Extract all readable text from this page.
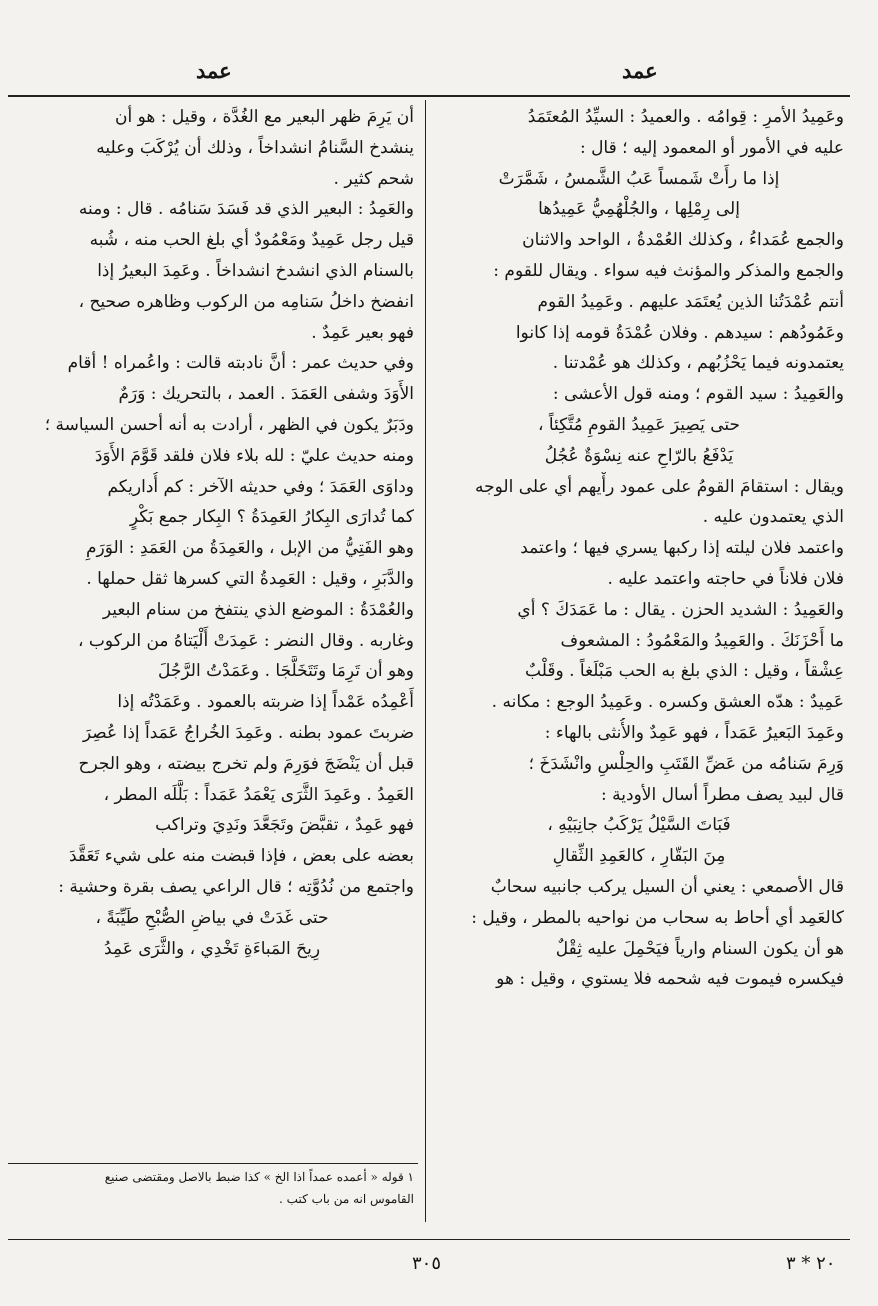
عمد	عمد
وعَمِيدُ الأمرِ : قِوامُه . والعميدُ : السيِّدُ المُعتَمَدُ
عليه في الأمور أو المعمود إليه ؛ قال :
إذا ما رأَتْ شَمساً عَبُ الشَّمسُ ، شَمَّرَتْ
إلى رِمْلِها ، والجُلْهُمِيُّ عَمِيدُها
والجمع عُمَداءُ ، وكذلك العُمْدةُ ، الواحد والاثنان
والجمع والمذكر والمؤنث فيه سواء . ويقال للقوم :
أنتم عُمْدَتُنا الذين يُعتَمَد عليهم . وعَمِيدُ القوم
وعَمُودُهم : سيدهم . وفلان عُمْدَةُ قومه إذا كانوا
يعتمدونه فيما يَحْزُبُهم ، وكذلك هو عُمْدتنا .
والعَمِيدُ : سيد القوم ؛ ومنه قول الأعشى :
حتى يَصِيرَ عَمِيدُ القومِ مُتَّكِئاً ،
يَدْفَعُ بالرّاحِ عنه نِسْوَةٌ عُجُلُ
ويقال : استقامَ القومُ على عمود رأْيهم أي على الوجه
الذي يعتمدون عليه .
واعتمد فلان ليلته إذا ركبها يسري فيها ؛ واعتمد
فلان فلاناً في حاجته واعتمد عليه .
والعَمِيدُ : الشديد الحزن . يقال : ما عَمَدَكَ ؟ أي
ما أَحْزَنَكَ . والعَمِيدُ والمَعْمُودُ : المشعوف
عِشْقاً ، وقيل : الذي بلغ به الحب مَبْلَغاً . وقَلْبٌ
عَمِيدٌ : هدّه العشق وكسره . وعَمِيدُ الوجع : مكانه .
وعَمِدَ البَعيرُ عَمَداً ، فهو عَمِدٌ والأُنثى بالهاء :
وَرِمَ سَنامُه من عَضِّ القَتَبِ والحِلْسِ وانْشَدَخَ ؛
قال لبيد يصف مطراً أسال الأودية :
فَبَاتَ السَّيْلُ يَرْكَبُ جانِبَيْهِ ،
مِنَ البَقّارِ ، كالعَمِدِ الثِّقالِ
قال الأصمعي : يعني أن السيل يركب جانبيه سحابٌ
كالعَمِد أي أحاط به سحاب من نواحيه بالمطر ، وقيل :
هو أن يكون السنام وارياً فيَحْمِلَ عليه ثِقْلٌ
فيكسره فيموت فيه شحمه فلا يستوي ، وقيل : هو
أن يَرِمَ ظهر البعير مع الغُدَّة ، وقيل : هو أن
ينشدخ السَّنامُ انشداخاً ، وذلك أن يُرْكَبَ وعليه
شحم كثير .
والعَمِدُ : البعير الذي قد فَسَدَ سَنامُه . قال : ومنه
قيل رجل عَمِيدٌ ومَعْمُودٌ أي بلغ الحب منه ، شُبه
بالسنام الذي انشدخ انشداخاً . وعَمِدَ البعيرُ إذا
انفضخ داخلُ سَنامِه من الركوب وظاهره صحيح ،
فهو بعير عَمِدٌ .
وفي حديث عمر : أنَّ نادبته قالت : واعُمراه ! أقام
الأَوَدَ وشفى العَمَدَ . العمد ، بالتحريك : وَرَمٌ
ودَبَرٌ يكون في الظهر ، أرادت به أنه أحسن السياسة ؛
ومنه حديث عليّ : لله بلاء فلان فلقد قَوَّمَ الأَوَدَ
وداوَى العَمَدَ ؛ وفي حديثه الآخر : كم أُداريكم
كما تُدارَى البِكارُ العَمِدَةُ ؟ البِكار جمع بَكْرٍ
وهو الفَتِيُّ من الإبل ، والعَمِدَةُ من العَمَدِ : الوَرَمِ
والدَّبَرِ ، وقيل : العَمِدةُ التي كسرها ثقل حملها .
والعُمْدَةُ : الموضع الذي ينتفخ من سنام البعير
وغاربه . وقال النضر : عَمِدَتْ أَلْيَتاهُ من الركوب ،
وهو أن تَرِمَا وتَتَخَلَّجَا . وعَمَدْتُ الرَّجُلَ
أَعْمِدُه عَمْداً إذا ضربته بالعمود . وعَمَدْتُه إذا
ضربتَ عمود بطنه . وعَمِدَ الخُراجُ عَمَداً إذا عُصِرَ
قبل أن يَنْضَجَ فوَرِمَ ولم تخرج بيضته ، وهو الجرح
العَمِدُ . وعَمِدَ الثَّرَى يَعْمَدُ عَمَداً : بَلَّلَه المطر ،
فهو عَمِدٌ ، تقبَّضَ وتَجَعَّدَ ونَدِيَ وتراكب
بعضه على بعض ، فإذا قبضت منه على شيء تَعَقَّدَ
واجتمع من نُدُوَّتِه ؛ قال الراعي يصف بقرة وحشية :
حتى غَدَتْ في بياضِ الصُّبْحِ طَيِّبَةً ،
رِيحَ المَباءَةِ تَخْدِي ، والثَّرَى عَمِدُ
١ قوله « أعمده عمداً اذا الخ » كذا ضبط بالاصل ومقتضى صنيع
القاموس انه من باب كتب .
٣٠٥	٢٠ * ٣
